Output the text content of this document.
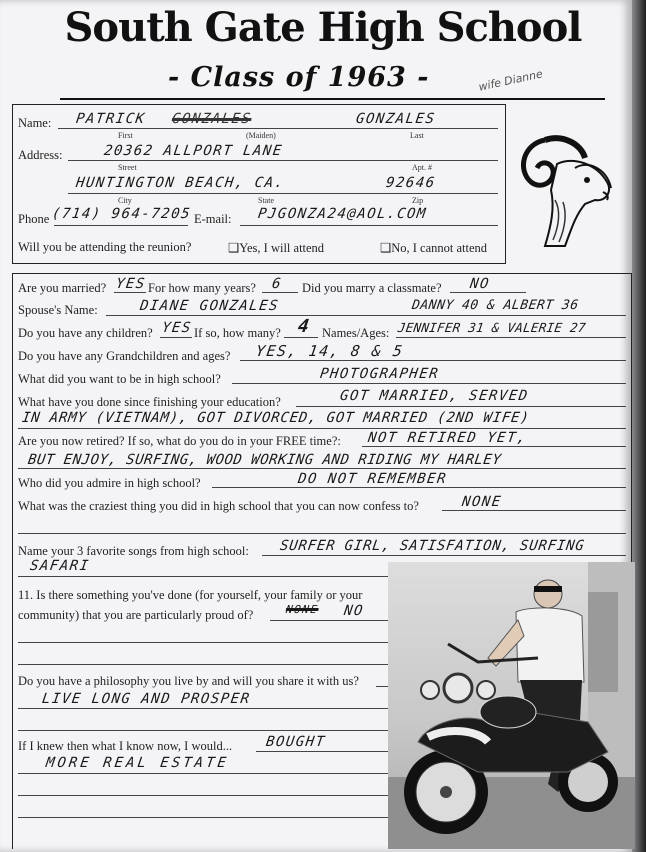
South Gate High School
- Class of 1963 -	wife Dianne
Name: PATRICK GONZALES	GONZALES
First	(Maiden)	Last
Address:	20362 ALLPORT LANE
Street	Apt. #
HUNTINGTON BEACH, CA.	92646
City	State	Zip
Phone (714) 964-7205 E-mail: PJGONZA24@AOL.COM
Will you be attending the reunion?	❑Yes, I will attend	❑No, I cannot attend
Are you married? YES For how many years? 6 Did you marry a classmate? NO
Spouse's Name:	DIANE GONZALES	DANNY 40 & ALBERT 36
Do you have any children? YES If so, how many? 4 Names/Ages: JENNIFER 31 & VALERIE 27
Do you have any Grandchildren and ages? YES, 14, 8 & 5
What did you want to be in high school?	PHOTOGRAPHER
What have you done since finishing your education?	GOT MARRIED, SERVED
IN ARMY (VIETNAM), GOT DIVORCED, GOT MARRIED (2ND WIFE)
Are you now retired? If so, what do you do in your FREE time?: NOT RETIRED YET,
BUT ENJOY, SURFING, WOOD WORKING AND RIDING MY HARLEY
Who did you admire in high school?	DO NOT REMEMBER
What was the craziest thing you did in high school that you can now confess to?	NONE
Name your 3 favorite songs from high school: SURFER GIRL, SATISFATION, SURFING
SAFARI
11. Is there something you've done (for yourself, your family or your
community) that you are particularly proud of?	NONE NO
Do you have a philosophy you live by and will you share it with us?
LIVE LONG AND PROSPER
If I knew then what I know now, I would... BOUGHT
MORE REAL ESTATE
